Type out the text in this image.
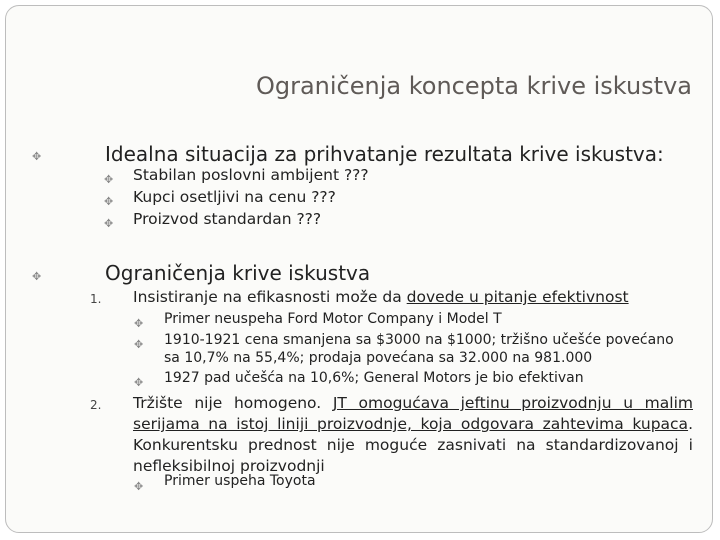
Ograničenja koncepta krive iskustva
✥	Idealna situacija za prihvatanje rezultata krive iskustva:
✥ Stabilan poslovni ambijent ???
✥ Kupci osetljivi na cenu ???
✥ Proizvod standardan ???
✥	Ograničenja krive iskustva
1. Insistiranje na efikasnosti može da dovede u pitanje efektivnost
✥ Primer neuspeha Ford Motor Company i Model T
✥ 1910-1921 cena smanjena sa $3000 na $1000; tržišno učešće povećano
sa 10,7% na 55,4%; prodaja povećana sa 32.000 na 981.000
✥ 1927 pad učešća na 10,6%; General Motors je bio efektivan
2. Tržište nije homogeno. JT omogućava jeftinu proizvodnju u malim serijama na istoj liniji proizvodnje, koja odgovara zahtevima kupaca. Konkurentsku prednost nije moguće zasnivati na standardizovanoj i nefleksibilnoj proizvodnji
✥ Primer uspeha Toyota
